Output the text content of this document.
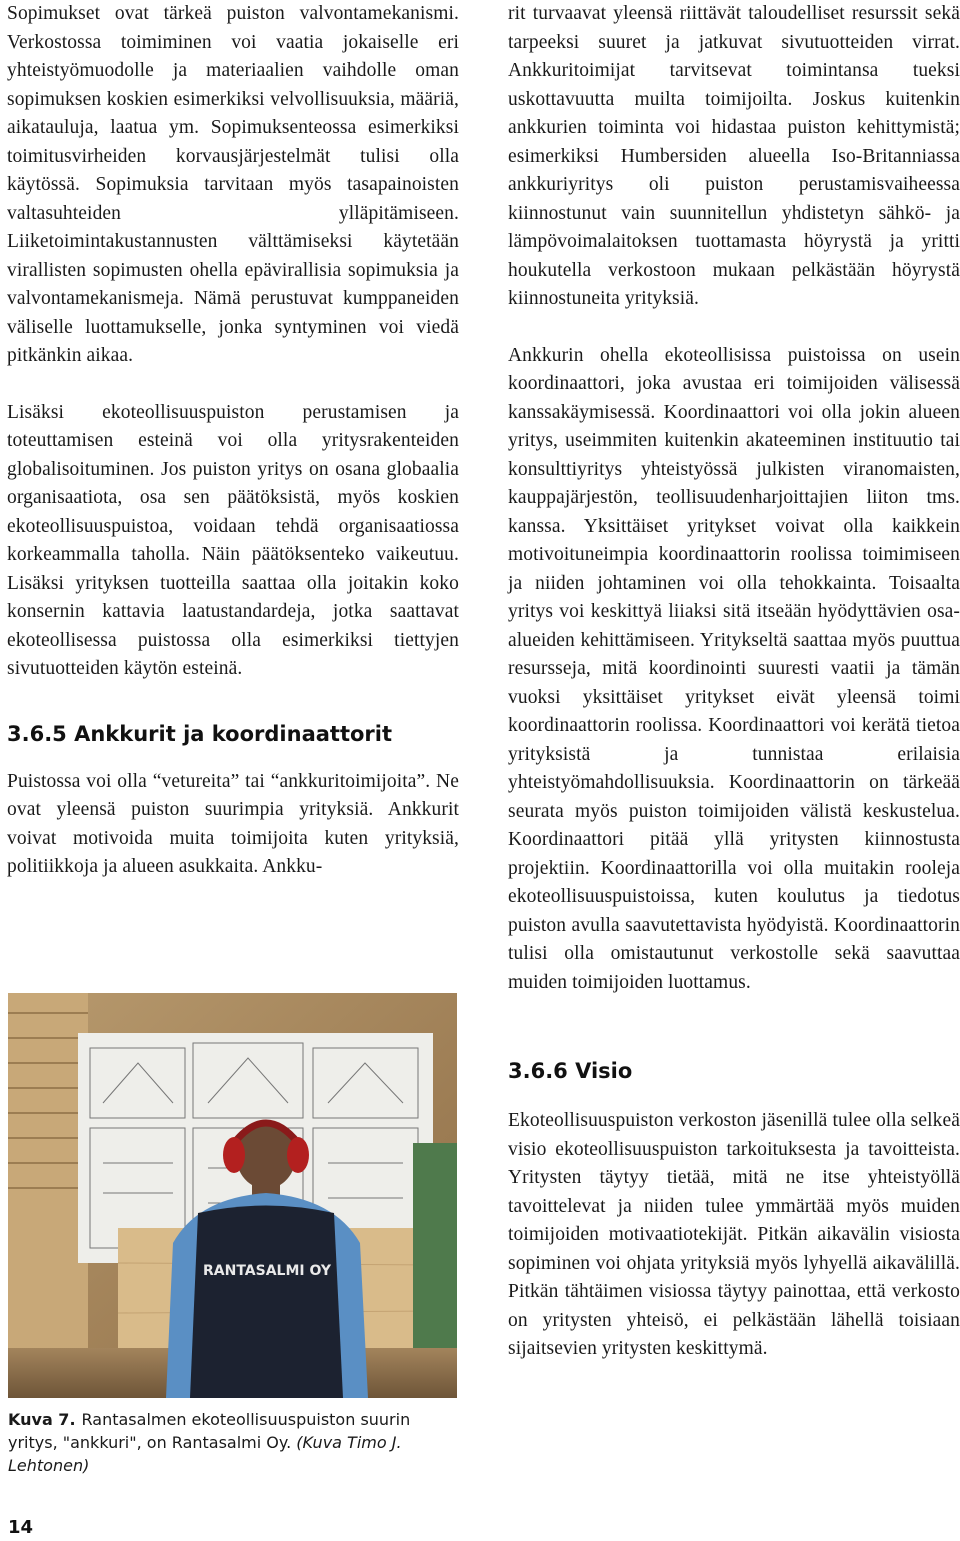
Sopimukset ovat tärkeä puiston valvontamekanismi. Verkostossa toimiminen voi vaatia jokaiselle eri yhteistyömuodolle ja materiaalien vaihdolle oman sopimuksen koskien esimerkiksi velvollisuuksia, määriä, aikatauluja, laatua ym. Sopimuksenteossa esimerkiksi toimitusvirheiden korvausjärjestelmät tulisi olla käytössä. Sopimuksia tarvitaan myös tasapainoisten valtasuhteiden ylläpitämiseen. Liiketoimintakustannusten välttämiseksi käytetään virallisten sopimusten ohella epävirallisia sopimuksia ja valvontamekanismeja. Nämä perustuvat kumppaneiden väliselle luottamukselle, jonka syntyminen voi viedä pitkänkin aikaa.

Lisäksi ekoteollisuuspuiston perustamisen ja toteuttamisen esteinä voi olla yritysrakenteiden globalisoituminen. Jos puiston yritys on osana globaalia organisaatiota, osa sen päätöksistä, myös koskien ekoteollisuuspuistoa, voidaan tehdä organisaatiossa korkeammalla taholla. Näin päätöksenteko vaikeutuu. Lisäksi yrityksen tuotteilla saattaa olla joitakin koko konsernin kattavia laatustandardeja, jotka saattavat ekoteollisessa puistossa olla esimerkiksi tiettyjen sivutuotteiden käytön esteinä.

3.6.5 Ankkurit ja koordinaattorit

Puistossa voi olla “vetureita” tai “ankkuritoimijoita”. Ne ovat yleensä puiston suurimpia yrityksiä. Ankkurit voivat motivoida muita toimijoita kuten yrityksiä, politiikkoja ja alueen asukkaita. Ankku-

rit turvaavat yleensä riittävät taloudelliset resurssit sekä tarpeeksi suuret ja jatkuvat sivutuotteiden virrat. Ankkuritoimijat tarvitsevat toimintansa tueksi uskottavuutta muilta toimijoilta. Joskus kuitenkin ankkurien toiminta voi hidastaa puiston kehittymistä; esimerkiksi Humbersiden alueella Iso-Britanniassa ankkuriyritys oli puiston perustamisvaiheessa kiinnostunut vain suunnitellun yhdistetyn sähkö- ja lämpövoimalaitoksen tuottamasta höyrystä ja yritti houkutella verkostoon mukaan pelkästään höyrystä kiinnostuneita yrityksiä.

Ankkurin ohella ekoteollisissa puistoissa on usein koordinaattori, joka avustaa eri toimijoiden välisessä kanssakäymisessä. Koordinaattori voi olla jokin alueen yritys, useimmiten kuitenkin akateeminen instituutio tai konsulttiyritys yhteistyössä julkisten viranomaisten, kauppajärjestön, teollisuudenharjoittajien liiton tms. kanssa. Yksittäiset yritykset voivat olla kaikkein motivoituneimpia koordinaattorin roolissa toimimiseen ja niiden johtaminen voi olla tehokkainta. Toisaalta yritys voi keskittyä liiaksi sitä itseään hyödyttävien osa-alueiden kehittämiseen. Yritykseltä saattaa myös puuttua resursseja, mitä koordinointi suuresti vaatii ja tämän vuoksi yksittäiset yritykset eivät yleensä toimi koordinaattorin roolissa. Koordinaattori voi kerätä tietoa yrityksistä ja tunnistaa erilaisia yhteistyömahdollisuuksia. Koordinaattorin on tärkeää seurata myös puiston toimijoiden välistä keskustelua. Koordinaattori pitää yllä yritysten kiinnostusta projektiin. Koordinaattorilla voi olla muitakin rooleja ekoteollisuuspuistoissa, kuten koulutus ja tiedotus puiston avulla saavutettavista hyödyistä. Koordinaattorin tulisi olla omistautunut verkostolle sekä saavuttaa muiden toimijoiden luottamus.

3.6.6 Visio

Ekoteollisuuspuiston verkoston jäsenillä tulee olla selkeä visio ekoteollisuuspuiston tarkoituksesta ja tavoitteista. Yritysten täytyy tietää, mitä ne itse yhteistyöllä tavoittelevat ja niiden tulee ymmärtää myös muiden toimijoiden motivaatiotekijät. Pitkän aikavälin visiosta sopiminen voi ohjata yrityksiä myös lyhyellä aikavälillä. Pitkän tähtäimen visiossa täytyy painottaa, että verkosto on yritysten yhteisö, ei pelkästään lähellä toisiaan sijaitsevien yritysten keskittymä.

RANTASALMI OY
Kuva 7. Rantasalmen ekoteollisuuspuiston suurin yritys, "ankkuri", on Rantasalmi Oy. (Kuva Timo J. Lehtonen)
14
